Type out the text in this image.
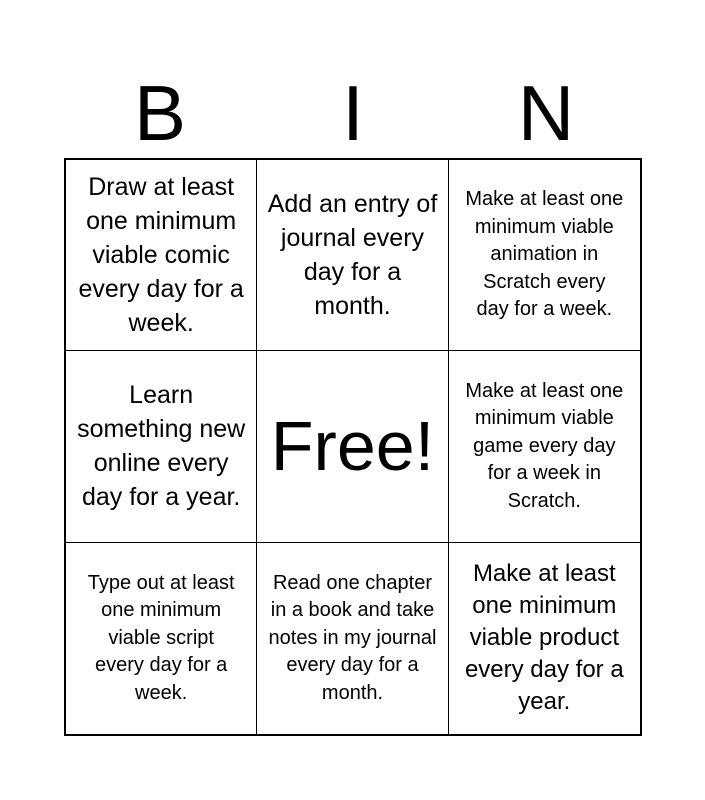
B	I	N
Draw at least one minimum viable comic every day for a week.
Add an entry of journal every day for a month.
Make at least one minimum viable animation in Scratch every day for a week.
Learn something new online every day for a year.
Free!
Make at least one minimum viable game every day for a week in Scratch.
Type out at least one minimum viable script every day for a week.
Read one chapter in a book and take notes in my journal every day for a month.
Make at least one minimum viable product every day for a year.
